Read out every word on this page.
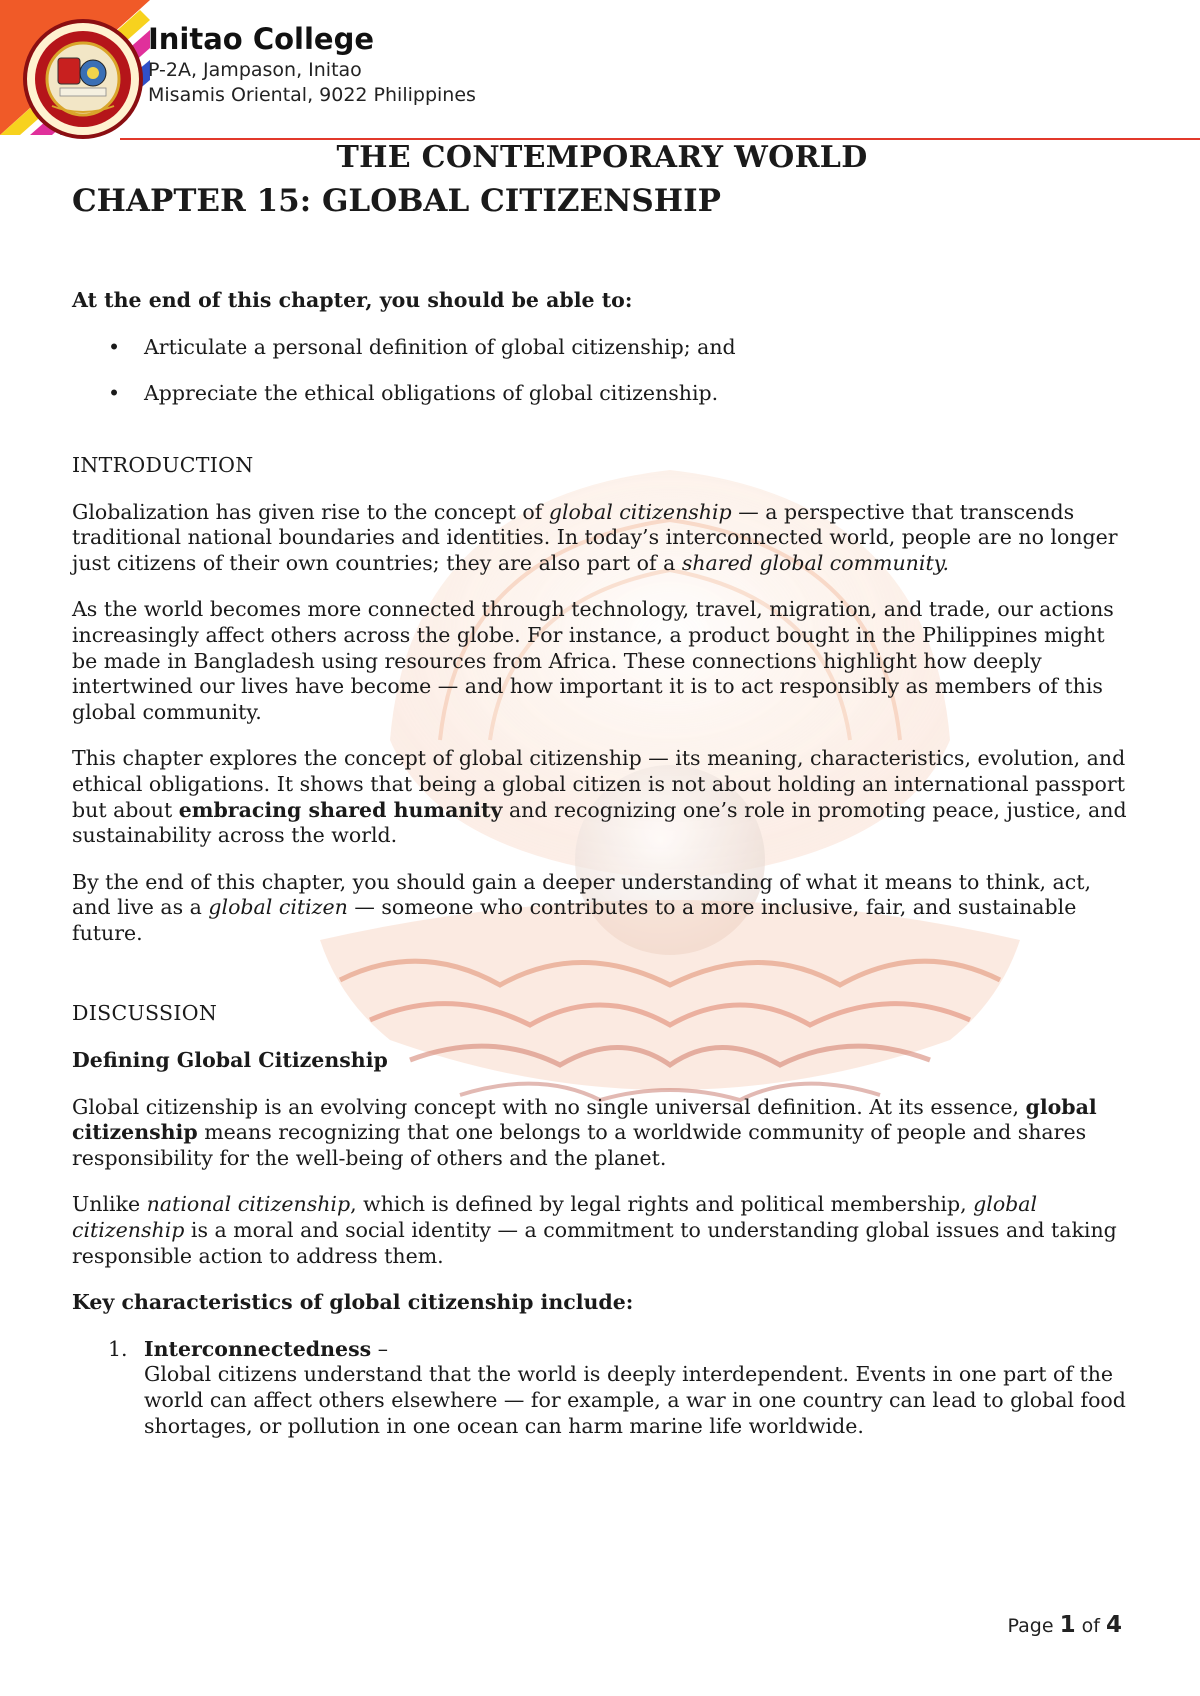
Initao College
P-2A, Jampason, Initao
Misamis Oriental, 9022 Philippines
THE CONTEMPORARY WORLD
CHAPTER 15: GLOBAL CITIZENSHIP
At the end of this chapter, you should be able to:
• Articulate a personal definition of global citizenship; and
• Appreciate the ethical obligations of global citizenship.
INTRODUCTION

Globalization has given rise to the concept of global citizenship — a perspective that transcends traditional national boundaries and identities. In today’s interconnected world, people are no longer just citizens of their own countries; they are also part of a shared global community.

As the world becomes more connected through technology, travel, migration, and trade, our actions increasingly affect others across the globe. For instance, a product bought in the Philippines might be made in Bangladesh using resources from Africa. These connections highlight how deeply intertwined our lives have become — and how important it is to act responsibly as members of this global community.

This chapter explores the concept of global citizenship — its meaning, characteristics, evolution, and ethical obligations. It shows that being a global citizen is not about holding an international passport but about embracing shared humanity and recognizing one’s role in promoting peace, justice, and sustainability across the world.

By the end of this chapter, you should gain a deeper understanding of what it means to think, act, and live as a global citizen — someone who contributes to a more inclusive, fair, and sustainable future.

DISCUSSION
Defining Global Citizenship

Global citizenship is an evolving concept with no single universal definition. At its essence, global citizenship means recognizing that one belongs to a worldwide community of people and shares responsibility for the well-being of others and the planet.

Unlike national citizenship, which is defined by legal rights and political membership, global citizenship is a moral and social identity — a commitment to understanding global issues and taking responsible action to address them.

Key characteristics of global citizenship include:
1. Interconnectedness –
Global citizens understand that the world is deeply interdependent. Events in one part of the world can affect others elsewhere — for example, a war in one country can lead to global food shortages, or pollution in one ocean can harm marine life worldwide.
Page 1 of 4
